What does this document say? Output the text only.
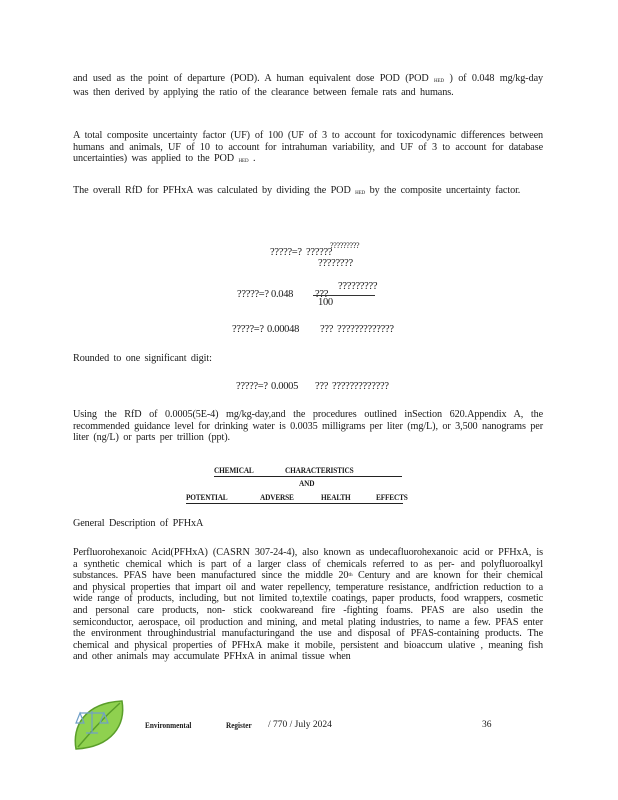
and used as the point of departure (POD). A human equivalent dose POD (POD HED ) of 0.048 mg/kg-day was then derived by applying the ratio of the clearance between female rats and humans.
A total composite uncertainty factor (UF) of 100 (UF of 3 to account for toxicodynamic differences between humans and animals, UF of 10 to account for intrahuman variability, and UF of 3 to account for database uncertainties) was applied to the POD HED .
The overall RfD for PFHxA was calculated by dividing the POD HED by the composite uncertainty factor.
?????=? ??????
?????????
????????
?????=? 0.048 ???
?????????
100
?????=? 0.00048 ??? ?????????????
Rounded to one significant digit:
?????=? 0.0005 ??? ?????????????
Using the RfD of 0.0005(5E-4) mg/kg-day,and the procedures outlined inSection 620.Appendix A, the recommended guidance level for drinking water is 0.0035 milligrams per liter (mg/L), or 3,500 nanograms per liter (ng/L) or parts per trillion (ppt).
CHEMICAL	CHARACTERISTICS
AND
POTENTIAL	ADVERSE	HEALTH	EFFECTS
General Description of PFHxA
Perfluorohexanoic Acid(PFHxA) (CASRN 307-24-4), also known as undecafluorohexanoic acid or PFHxA, is a synthetic chemical which is part of a larger class of chemicals referred to as per- and polyfluoroalkyl substances. PFAS have been manufactured since the middle 20th Century and are known for their chemical and physical properties that impart oil and water repellency, temperature resistance, andfriction reduction to a wide range of products, including, but not limited to,textile coatings, paper products, food wrappers, cosmetic and personal care products, non- stick cookwareand fire -fighting foams. PFAS are also usedin the semiconductor, aerospace, oil production and mining, and metal plating industries, to name a few. PFAS enter the environment throughindustrial manufacturingand the use and disposal of PFAS-containing products. The chemical and physical properties of PFHxA make it mobile, persistent and bioaccum ulative , meaning fish and other animals may accumulate PFHxA in animal tissue when
Environmental	Register / 770 / July 2024	36
